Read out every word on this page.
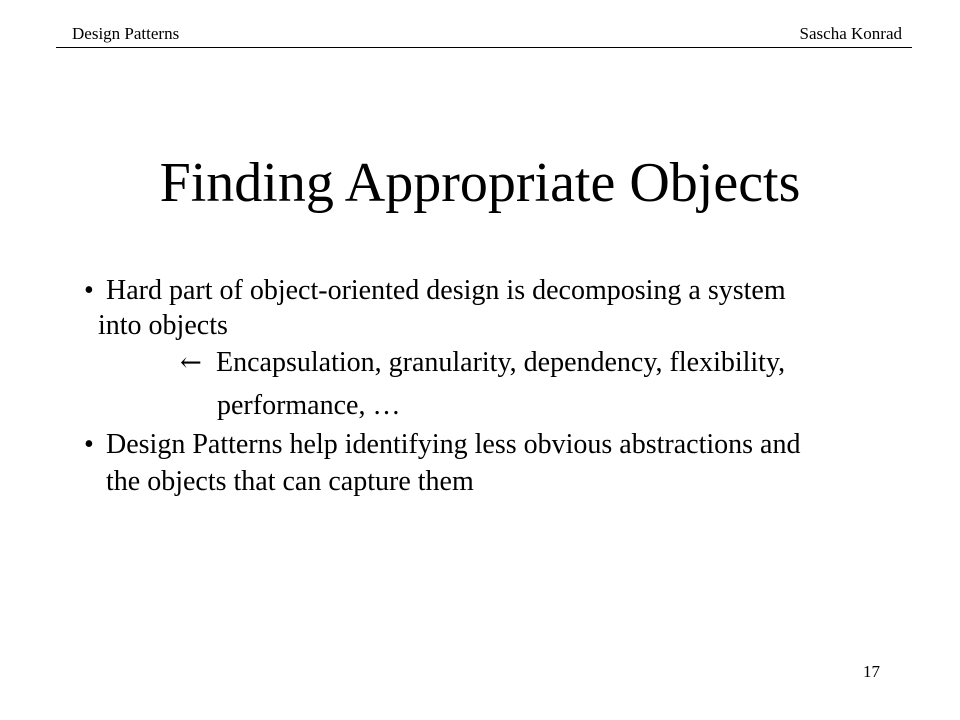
Design Patterns	Sascha Konrad
Finding Appropriate Objects
• Hard part of object-oriented design is decomposing a system
into objects
← Encapsulation, granularity, dependency, flexibility,
performance, …
• Design Patterns help identifying less obvious abstractions and
the objects that can capture them
17
